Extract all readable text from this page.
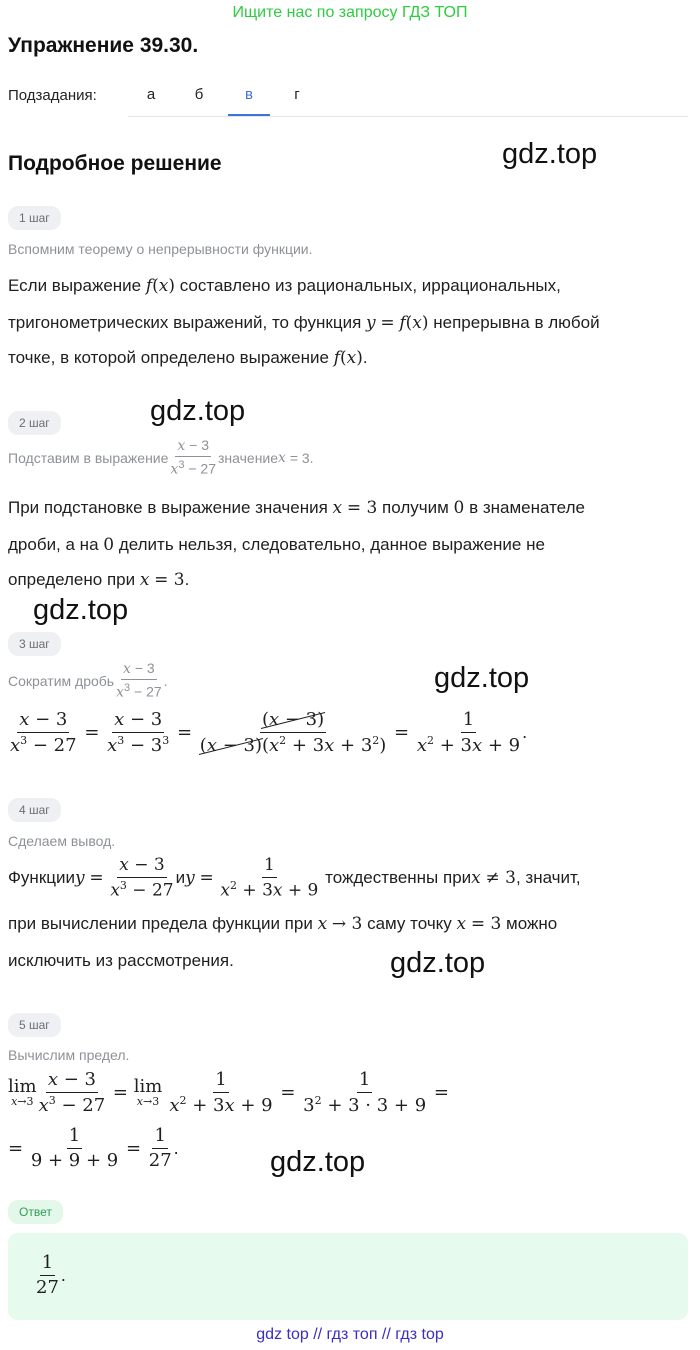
Ищите нас по запросу ГДЗ ТОП
Упражнение 39.30.
Подзадания:	а	б	в	г
Подробное решение	gdz.top
gdz.top
gdz.top
gdz.top
gdz.top
gdz.top
1 шаг
Вспомним теорему о непрерывности функции.
Если выражение f(x) составлено из рациональных, иррациональных,
тригонометрических выражений, то функция y = f(x) непрерывна в любой
точке, в которой определено выражение f(x).
2 шаг
Подставим в выражение $\frac{x - 3}{x^3 - 27}$ значение x = 3.
При подстановке в выражение значения x = 3 получим 0 в знаменателе
дроби, а на 0 делить нельзя, следовательно, данное выражение не
определено при x = 3.
3 шаг
Сократим дробь $\frac{x - 3}{x^3 - 27}$ .
$\frac{x - 3}{x^3 - 27} = \frac{x - 3}{x^3 - 3^3} = \frac{(x - 3)}{(x - 3)(x^2 + 3x + 3^2)} = \frac{1}{x^2 + 3x + 9}$ .
4 шаг
Сделаем вывод.
Функции y
=
$\frac{x - 3}{x^3 - 27}$ и y
=
$\frac{1}{x^2 + 3x + 9}$
тождественны при x
≠ 3 , значит,
при вычислении предела функции при x → 3 саму точку x = 3 можно
исключить из рассмотрения.
5 шаг
Вычислим предел.
lim
$x\to 3 \frac{x - 3}{x^3 - 27} = \lim$
x→3
$\frac{1}{x^2 + 3x + 9} = \frac{1}{3^2 + 3 \cdot 3 + 9}$ =
= $\frac{1}{9 + 9 + 9} = \frac{1}{27}$ .
Ответ
$\frac{1}{27}$ .
gdz top // гдз топ // гдз top
